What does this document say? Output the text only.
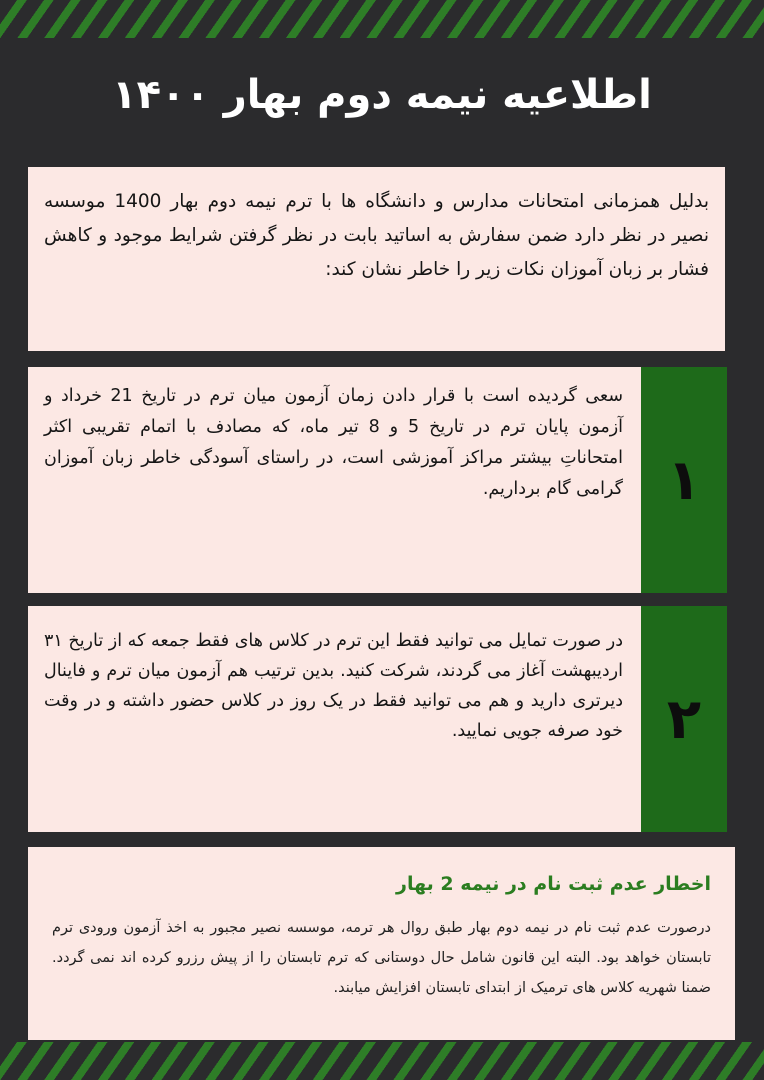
اطلاعیه نیمه دوم بهار ۱۴۰۰

بدلیل همزمانی امتحانات مدارس و دانشگاه ها با ترم نیمه دوم بهار 1400 موسسه نصیر در نظر دارد ضمن سفارش به اساتید بابت در نظر گرفتن شرایط موجود و کاهش فشار بر زبان آموزان نکات زیر را خاطر نشان کند:

۱

سعی گردیده است با قرار دادن زمان آزمون میان ترم در تاریخ 21 خرداد و آزمون پایان ترم در تاریخ 5 و 8 تیر ماه، که مصادف با اتمام تقریبی اکثر امتحاناتِ بیشتر مراکز آموزشی است، در راستای آسودگی خاطر زبان آموزان گرامی گام برداریم.

۲

در صورت تمایل می توانید فقط این ترم در کلاس های فقط جمعه که از تاریخ ۳۱ اردیبهشت آغاز می گردند، شرکت کنید. بدین ترتیب هم آزمون میان ترم و فاینال دیرتری دارید و هم می توانید فقط در یک روز در کلاس حضور داشته و در وقت خود صرفه جویی نمایید.

اخطار عدم ثبت نام در نیمه 2 بهار

درصورت عدم ثبت نام در نیمه دوم بهار طبق روال هر ترمه، موسسه نصیر مجبور به اخذ آزمون ورودی ترم تابستان خواهد بود. البته این قانون شامل حال دوستانی که ترم تابستان را از پیش رزرو کرده اند نمی گردد. ضمنا شهریه کلاس های ترمیک از ابتدای تابستان افزایش میابند.
